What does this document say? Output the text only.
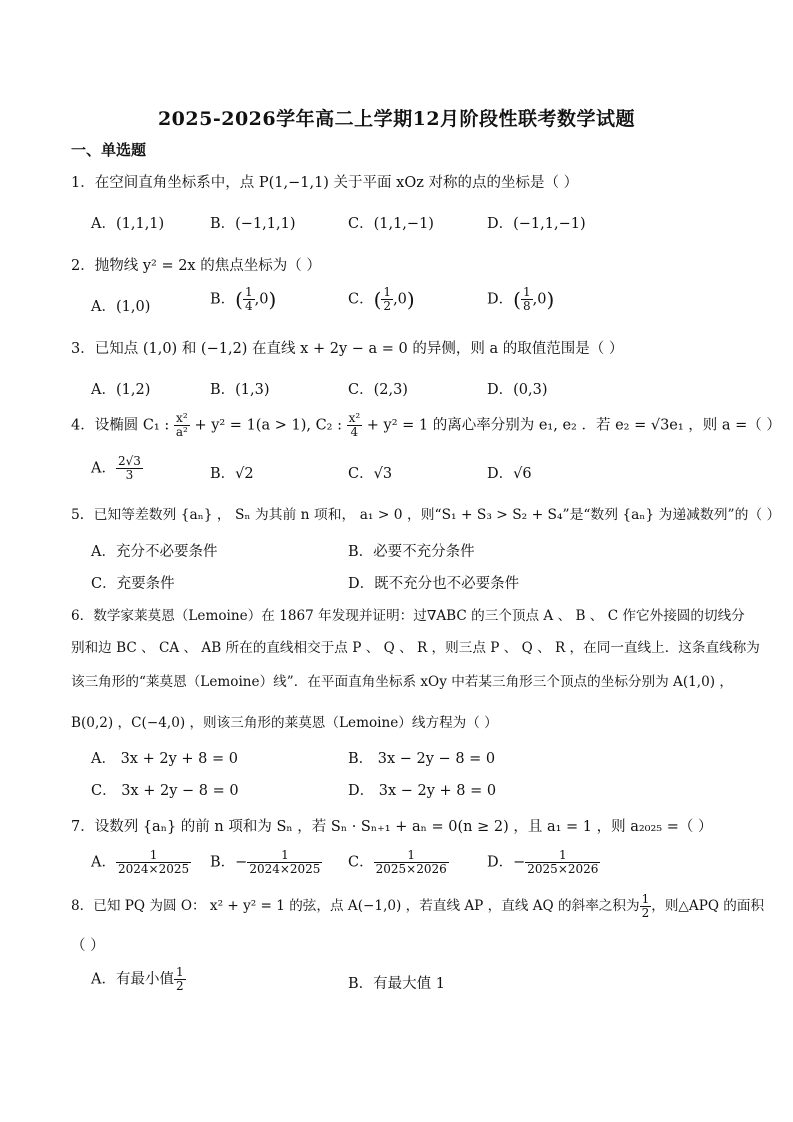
2025-2026学年高二上学期12月阶段性联考数学试题
一、单选题
1．在空间直角坐标系中，点 P(1,−1,1) 关于平面 xOz 对称的点的坐标是（ ）
A．(1,1,1)	B．(−1,1,1)	C．(1,1,−1)	D．(−1,1,−1)
2．抛物线 y² = 2x 的焦点坐标为（ ）
A．(1,0)	B．( $\frac{1}{4} ,0$)	C．( $\frac{1}{2} ,0$)	D．( $\frac{1}{8} ,0$)
3．已知点 (1,0) 和 (−1,2) 在直线 x + 2y − a = 0 的异侧，则 a 的取值范围是（ ）
A．(1,2)	B．(1,3)	C．(2,3)	D．(0,3)
4．设椭圆 C₁ : $\frac{\text{x²}}{\text{a²}} + y^2 = 1(a > 1)$, C₂ : $\frac{\text{x²}}{4} + y^2 = 1$ 的离心率分别为 e₁, e₂ ．若 e₂ = √3e₁ ，则 a =（ ）
A． $\frac{2√3}{3}$	B．√2	C．√3	D．√6
5．已知等差数列 {aₙ} ， Sₙ 为其前 n 项和， a₁ > 0 ，则“S₁ + S₃ > S₂ + S₄”是“数列 {aₙ} 为递减数列”的（ ）
A．充分不必要条件	B．必要不充分条件
C．充要条件	D．既不充分也不必要条件
6．数学家莱莫恩（Lemoine）在 1867 年发现并证明：过∇ABC 的三个顶点 A 、 B 、 C 作它外接圆的切线分
别和边 BC 、 CA 、 AB 所在的直线相交于点 P 、 Q 、 R ，则三点 P 、 Q 、 R ，在同一直线上．这条直线称为
该三角形的“莱莫恩（Lemoine）线”．在平面直角坐标系 xOy 中若某三角形三个顶点的坐标分别为 A(1,0) ，
B(0,2) ，C(−4,0) ，则该三角形的莱莫恩（Lemoine）线方程为（ ）
A． 3x + 2y + 8 = 0	B． 3x − 2y − 8 = 0
C． 3x + 2y − 8 = 0	D． 3x − 2y + 8 = 0
7．设数列 {aₙ} 的前 n 项和为 Sₙ ，若 Sₙ · Sₙ₊₁ + aₙ = 0(n ≥ 2) ，且 a₁ = 1 ，则 a₂₀₂₅ =（ ）
A． $\frac{1}{2024\times 2025}$ B．− $\frac{1}{2024\times 2025}$ C． $\frac{1}{2025\times 2026}$	D．− $\frac{1}{2025\times 2026}$
8．已知 PQ 为圆 O： x² + y² = 1 的弦，点 A(−1,0) ，若直线 AP ，直线 AQ 的斜率之积为 $\frac{1}{2}$ ，则△APQ 的面积
（ ）
A．有最小值 $\frac{1}{2}$	B．有最大值 1
